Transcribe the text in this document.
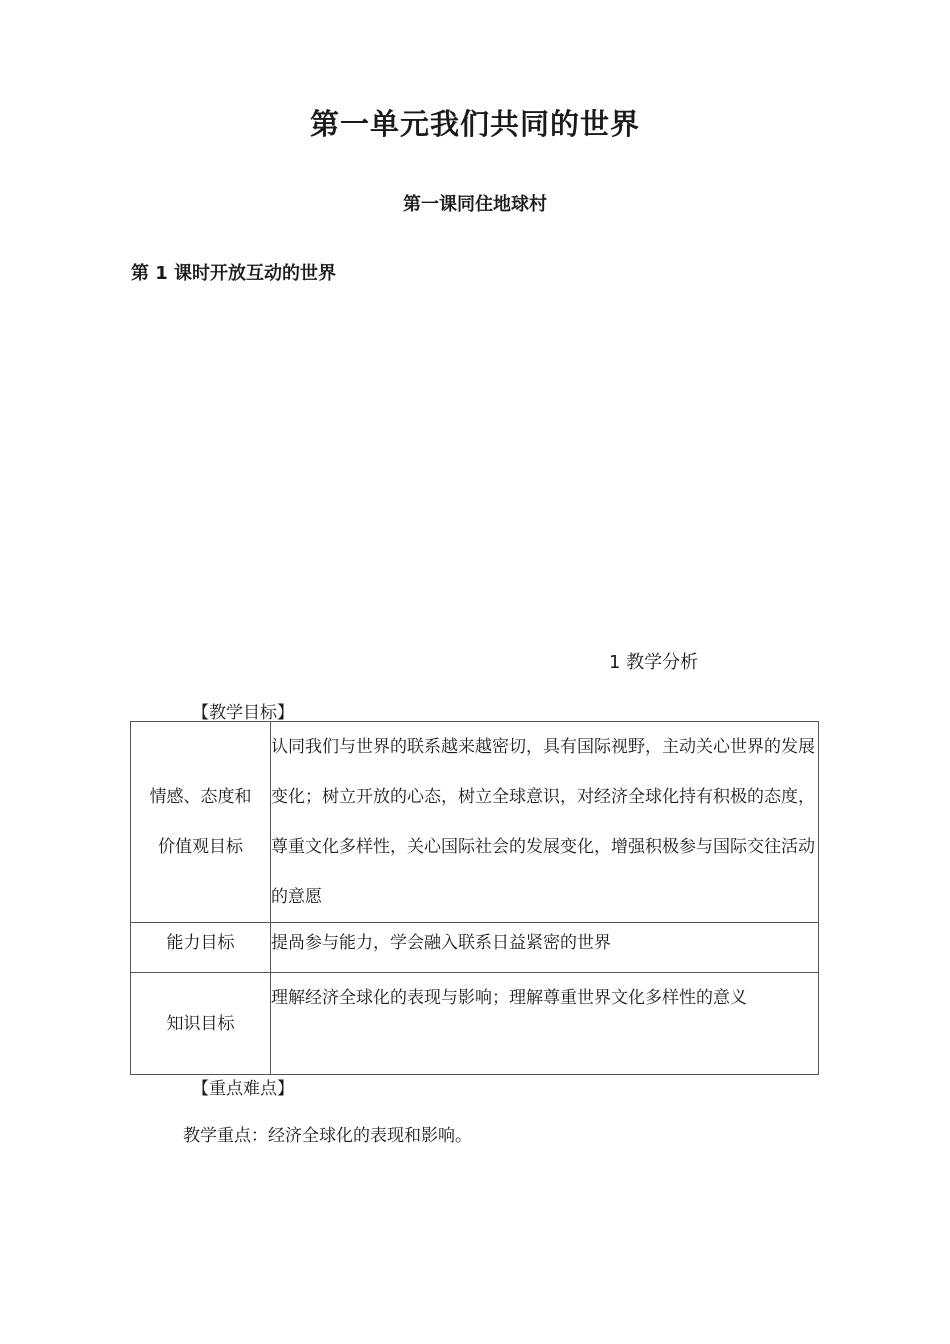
第一单元我们共同的世界
第一课同住地球村
第 1 课时开放互动的世界
1 教学分析
【教学目标】
情感、态度和价值观目标	认同我们与世界的联系越来越密切，具有国际视野，主动关心世界的发展变化；树立开放的心态，树立全球意识，对经济全球化持有积极的态度，尊重文化多样性，关心国际社会的发展变化，增强积极参与国际交往活动的意愿
能力目标	提咼参与能力，学会融入联系日益紧密的世界
知识目标	理解经济全球化的表现与影响；理解尊重世界文化多样性的意义
【重点难点】
教学重点：经济全球化的表现和影响。
